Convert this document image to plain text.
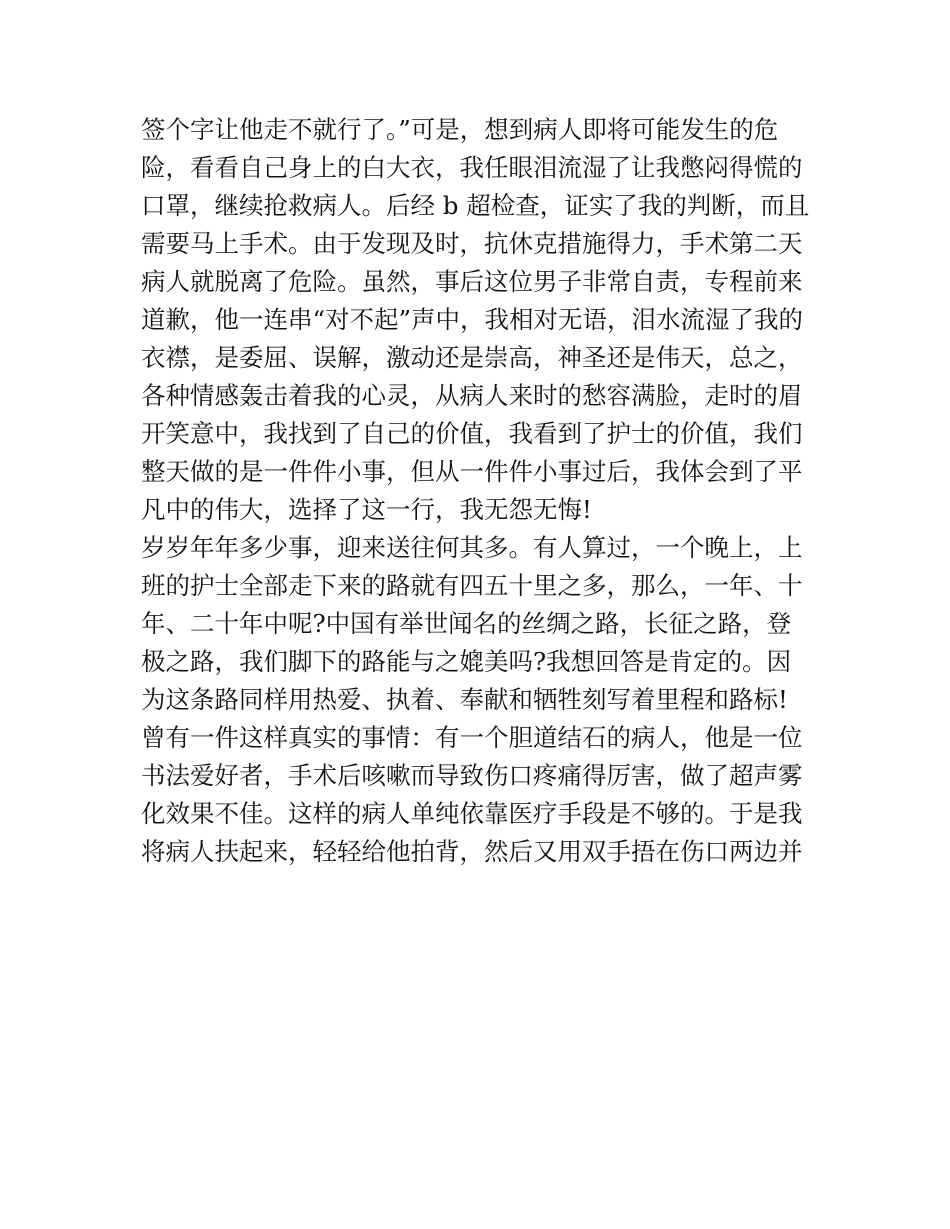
签个字让他走不就行了。”可是，想到病人即将可能发生的危
险，看看自己身上的白大衣，我任眼泪流湿了让我憋闷得慌的
口罩，继续抢救病人。后经 b 超检查，证实了我的判断，而且
需要马上手术。由于发现及时，抗休克措施得力，手术第二天
病人就脱离了危险。虽然，事后这位男子非常自责，专程前来
道歉，他一连串“对不起”声中，我相对无语，泪水流湿了我的
衣襟，是委屈、误解，激动还是崇高，神圣还是伟天，总之，
各种情感轰击着我的心灵，从病人来时的愁容满脸，走时的眉
开笑意中，我找到了自己的价值，我看到了护士的价值，我们
整天做的是一件件小事，但从一件件小事过后，我体会到了平
凡中的伟大，选择了这一行，我无怨无悔!
岁岁年年多少事，迎来送往何其多。有人算过，一个晚上，上
班的护士全部走下来的路就有四五十里之多，那么，一年、十
年、二十年中呢?中国有举世闻名的丝绸之路，长征之路，登
极之路，我们脚下的路能与之媲美吗?我想回答是肯定的。因
为这条路同样用热爱、执着、奉献和牺牲刻写着里程和路标!
曾有一件这样真实的事情：有一个胆道结石的病人，他是一位
书法爱好者，手术后咳嗽而导致伤口疼痛得厉害，做了超声雾
化效果不佳。这样的病人单纯依靠医疗手段是不够的。于是我
将病人扶起来，轻轻给他拍背，然后又用双手捂在伤口两边并
